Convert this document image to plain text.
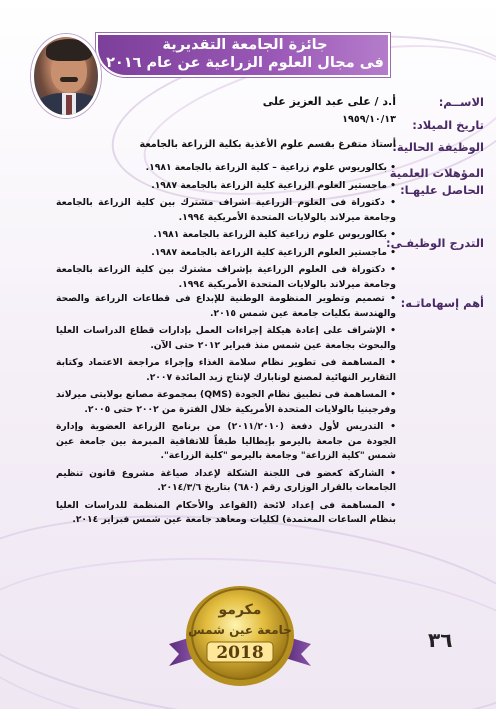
جائزة الجامعة التقديرية
فى مجال العلوم الزراعية عن عام ٢٠١٦
الاســم:
أ.د / على عبد العزيز على
تاريخ الميلاد:
١٩٥٩/١٠/١٣
الوظيفة الحالية:
أستاذ متفرغ بقسم علوم الأغذية بكلية الزراعة بالجامعة
المؤهلات العلمية
الحاصل عليهـا:
• بكالوريوس علوم زراعية – كلية الزراعة بالجامعة ١٩٨١.
• ماجستير العلوم الزراعية كلية الزراعة بالجامعة ١٩٨٧.
• دكتوراة فى العلوم الزراعية اشراف مشترك بين كلية الزراعة بالجامعة وجامعة ميرلاند بالولايات المتحدة الأمريكية ١٩٩٤.
التدرج الوظيفـى:
• بكالوريوس علوم زراعية كلية الزراعة بالجامعة ١٩٨١.
• ماجستير العلوم الزراعية كلية الزراعة بالجامعة ١٩٨٧.
• دكتوراة فى العلوم الزراعية بإشراف مشترك بين كلية الزراعة بالجامعة وجامعة ميرلاند بالولايات المتحدة الأمريكية ١٩٩٤.
أهم إسهاماتـه:
• تصميم وتطوير المنظومة الوطنية للإبداع فى قطاعات الزراعة والصحة والهندسة بكليات جامعة عين شمس ٢٠١٥.
• الإشراف على إعادة هيكلة إجراءات العمل بإدارات قطاع الدراسات العليا والبحوث بجامعة عين شمس منذ فبراير ٢٠١٢ حتى الآن.
• المساهمة فى تطوير نظام سلامة الغذاء وإجراء مراجعة الاعتماد وكتابة التقارير النهائية لمصنع لونابارك لإنتاج زبد المائدة ٢٠٠٧.
• المساهمة فى تطبيق نظام الجودة (QMS) بمجموعة مصانع بولايتى ميرلاند وفرجينيا بالولايات المتحدة الأمريكية خلال الفترة من ٢٠٠٢ حتى ٢٠٠٥.
• التدريس لأول دفعة (٢٠١١/٢٠١٠) من برنامج الزراعة العضوية وإدارة الجودة من جامعة باليرمو بإيطاليا طبقاً للاتفاقية المبرمة بين جامعة عين شمس "كلية الزراعة" وجامعة باليرمو "كلية الزراعة".
• الشاركة كعضو فى اللجنة الشكلة لإعداد صياغة مشروع قانون تنظيم الجامعات بالقرار الوزارى رقم (٦٨٠) بتاريخ ٢٠١٤/٣/٦.
• المساهمة فى إعداد لائحة (القواعد والأحكام المنظمة للدراسات العليا بنظام الساعات المعتمدة) لكليات ومعاهد جامعة عين شمس فبراير ٢٠١٤.
مكرمو
جامعة عين شمس
2018
٣٦
